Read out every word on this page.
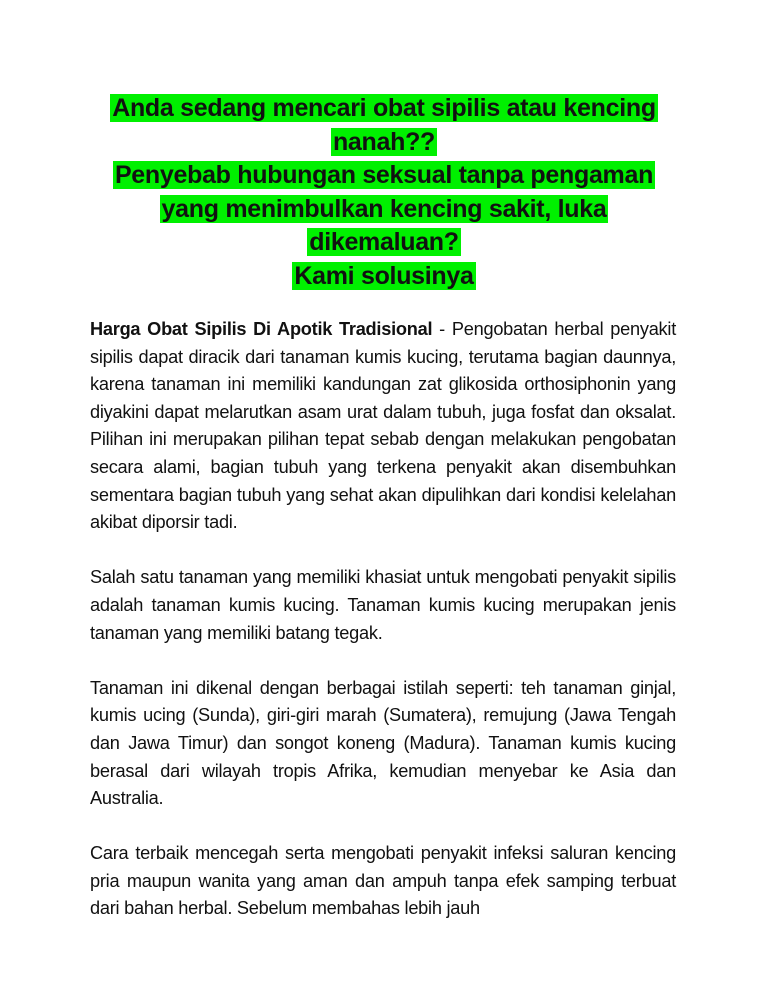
Anda sedang mencari obat sipilis atau kencing nanah??
Penyebab hubungan seksual tanpa pengaman yang menimbulkan kencing sakit, luka dikemaluan?
Kami solusinya

Harga Obat Sipilis Di Apotik Tradisional - Pengobatan herbal penyakit sipilis dapat diracik dari tanaman kumis kucing, terutama bagian daunnya, karena tanaman ini memiliki kandungan zat glikosida orthosiphonin yang diyakini dapat melarutkan asam urat dalam tubuh, juga fosfat dan oksalat. Pilihan ini merupakan pilihan tepat sebab dengan melakukan pengobatan secara alami, bagian tubuh yang terkena penyakit akan disembuhkan sementara bagian tubuh yang sehat akan dipulihkan dari kondisi kelelahan akibat diporsir tadi.

Salah satu tanaman yang memiliki khasiat untuk mengobati penyakit sipilis adalah tanaman kumis kucing. Tanaman kumis kucing merupakan jenis tanaman yang memiliki batang tegak.

Tanaman ini dikenal dengan berbagai istilah seperti: teh tanaman ginjal, kumis ucing (Sunda), giri-giri marah (Sumatera), remujung (Jawa Tengah dan Jawa Timur) dan songot koneng (Madura). Tanaman kumis kucing berasal dari wilayah tropis Afrika, kemudian menyebar ke Asia dan Australia.

Cara terbaik mencegah serta mengobati penyakit infeksi saluran kencing pria maupun wanita yang aman dan ampuh tanpa efek samping terbuat dari bahan herbal. Sebelum membahas lebih jauh
